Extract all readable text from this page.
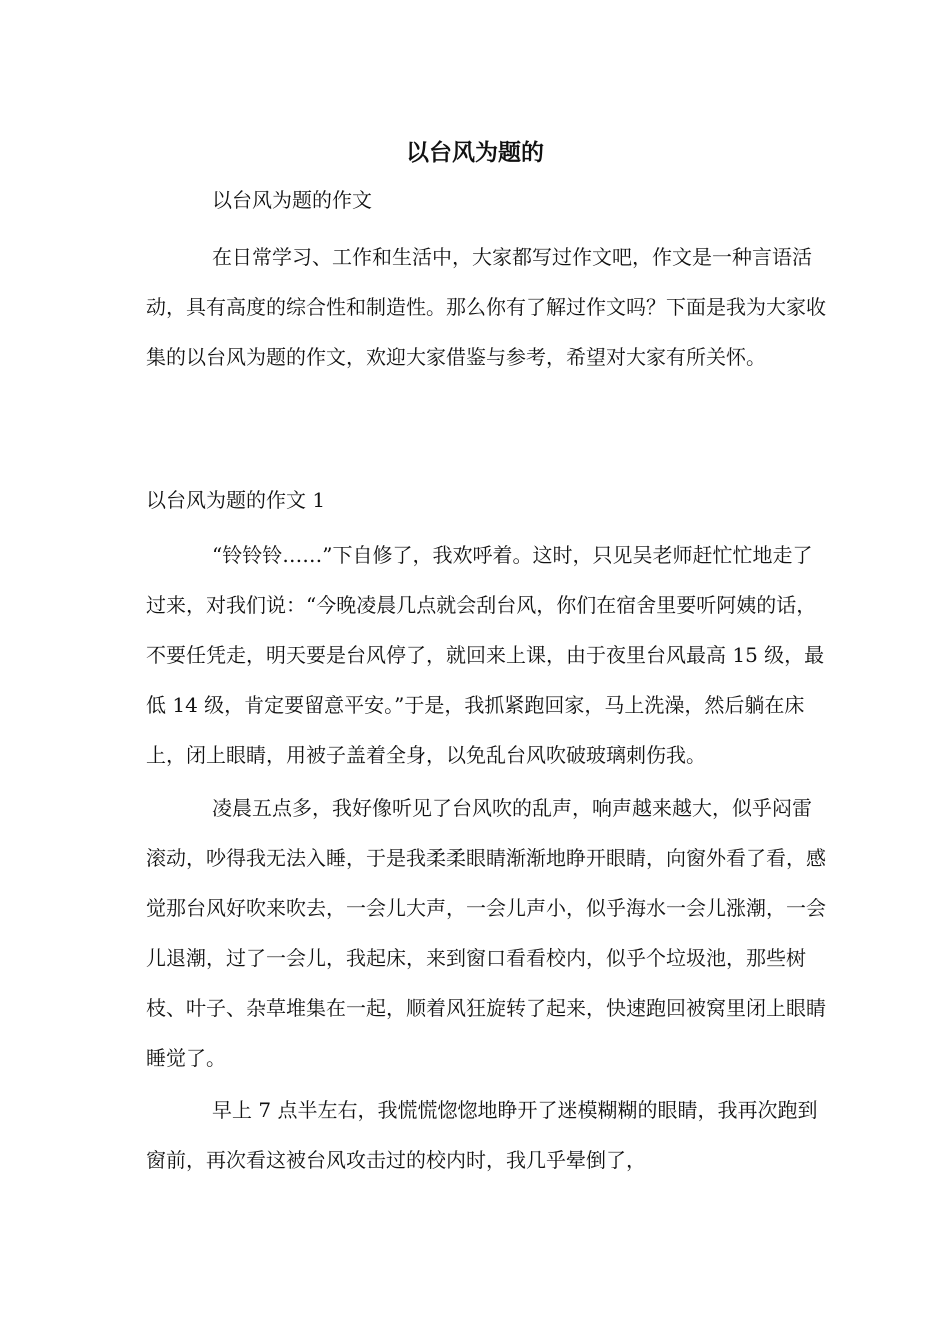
以台风为题的
以台风为题的作文

在日常学习、工作和生活中，大家都写过作文吧，作文是一种言语活动，具有高度的综合性和制造性。那么你有了解过作文吗？下面是我为大家收集的以台风为题的作文，欢迎大家借鉴与参考，希望对大家有所关怀。

以台风为题的作文 1

“铃铃铃……”下自修了，我欢呼着。这时，只见吴老师赶忙忙地走了过来，对我们说：“今晚凌晨几点就会刮台风，你们在宿舍里要听阿姨的话，不要任凭走，明天要是台风停了，就回来上课，由于夜里台风最高 15 级，最低 14 级，肯定要留意平安。”于是，我抓紧跑回家，马上洗澡，然后躺在床上，闭上眼睛，用被子盖着全身，以免乱台风吹破玻璃刺伤我。

凌晨五点多，我好像听见了台风吹的乱声，响声越来越大，似乎闷雷滚动，吵得我无法入睡，于是我柔柔眼睛渐渐地睁开眼睛，向窗外看了看，感觉那台风好吹来吹去，一会儿大声，一会儿声小，似乎海水一会儿涨潮，一会儿退潮，过了一会儿，我起床，来到窗口看看校内，似乎个垃圾池，那些树枝、叶子、杂草堆集在一起，顺着风狂旋转了起来，快速跑回被窝里闭上眼睛睡觉了。

早上 7 点半左右，我慌慌惚惚地睁开了迷模糊糊的眼睛，我再次跑到窗前，再次看这被台风攻击过的校内时，我几乎晕倒了，
